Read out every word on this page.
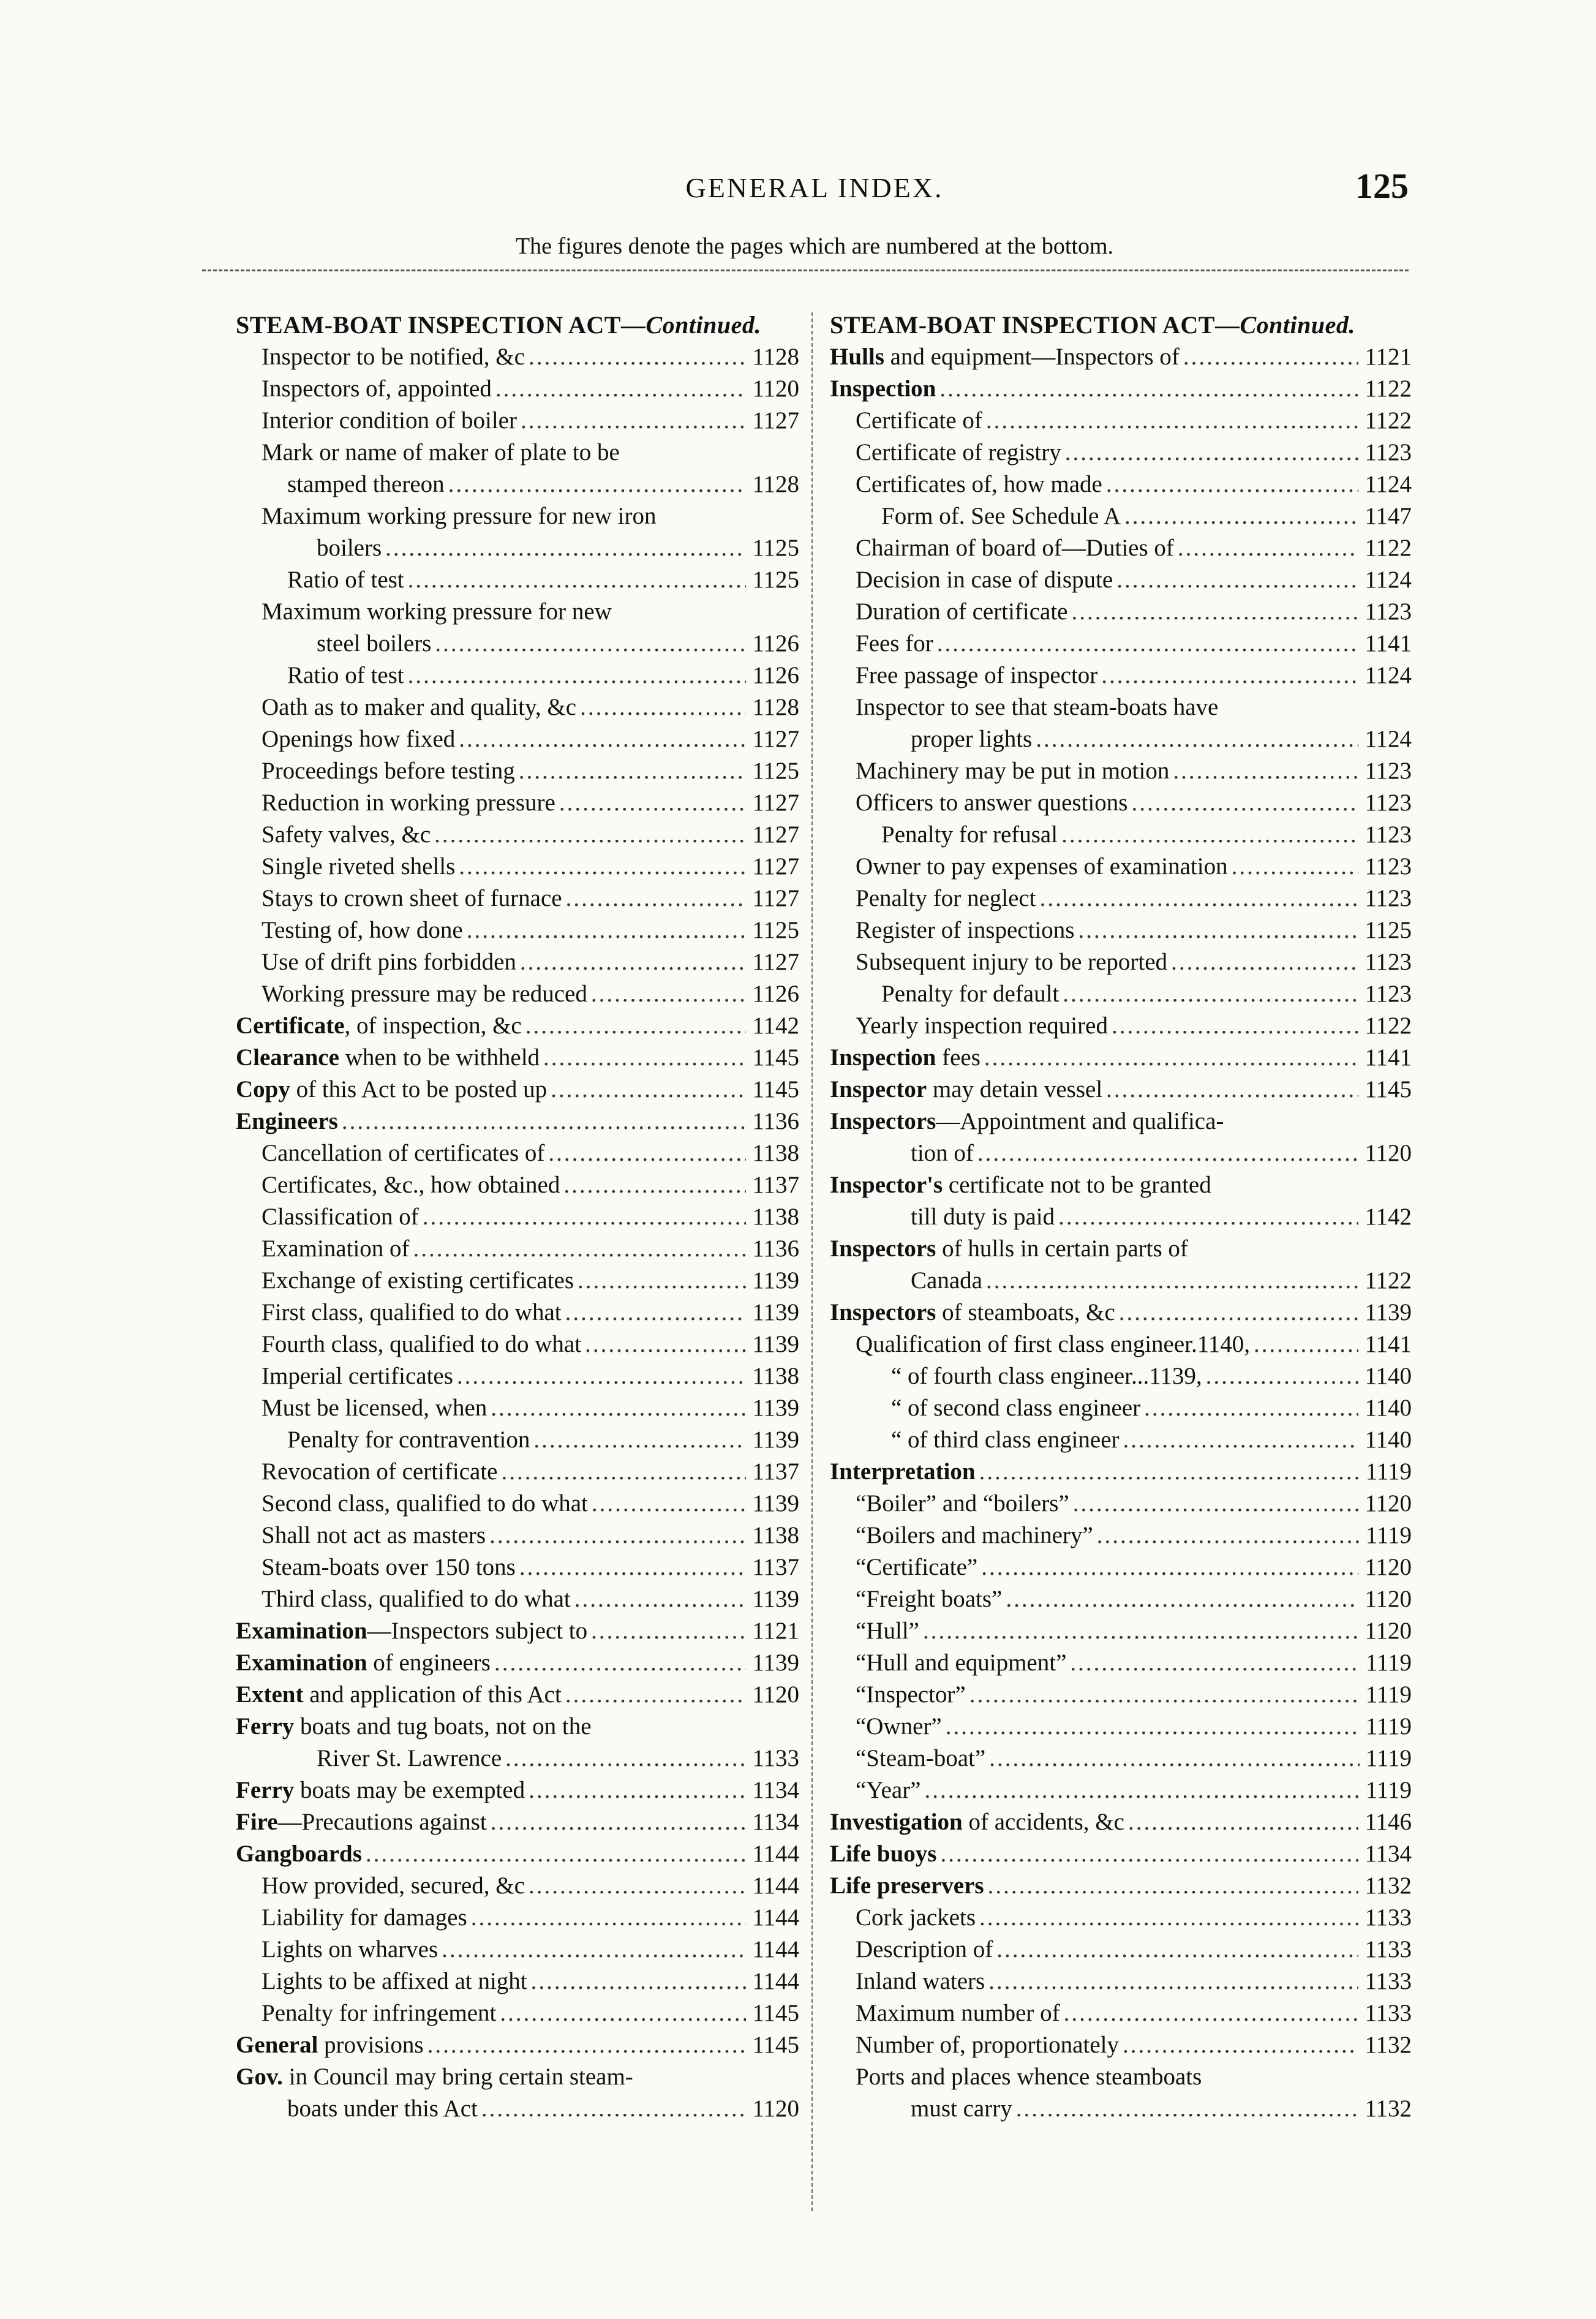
GENERAL INDEX.	125
The figures denote the pages which are numbered at the bottom.
STEAM-BOAT INSPECTION ACT—Continued.
Inspector to be notified, &c .....	1128
Inspectors of, appointed .....	1120
Interior condition of boiler .....	1127
Mark or name of maker of plate to be
stamped thereon .....	1128
Maximum working pressure for new iron
boilers .....	1125
Ratio of test .....	1125
Maximum working pressure for new
steel boilers .....	1126
Ratio of test .....	1126
Oath as to maker and quality, &c .....	1128
Openings how fixed .....	1127
Proceedings before testing .....	1125
Reduction in working pressure .....	1127
Safety valves, &c .....	1127
Single riveted shells .....	1127
Stays to crown sheet of furnace .....	1127
Testing of, how done .....	1125
Use of drift pins forbidden .....	1127
Working pressure may be reduced .....	1126
Certificate, of inspection, &c .....	1142
Clearance when to be withheld .....	1145
Copy of this Act to be posted up .....	1145
Engineers .....	1136
Cancellation of certificates of .....	1138
Certificates, &c., how obtained .....	1137
Classification of .....	1138
Examination of .....	1136
Exchange of existing certificates .....	1139
First class, qualified to do what .....	1139
Fourth class, qualified to do what .....	1139
Imperial certificates .....	1138
Must be licensed, when .....	1139
Penalty for contravention .....	1139
Revocation of certificate .....	1137
Second class, qualified to do what .....	1139
Shall not act as masters .....	1138
Steam-boats over 150 tons .....	1137
Third class, qualified to do what .....	1139
Examination—Inspectors subject to .....	1121
Examination of engineers .....	1139
Extent and application of this Act .....	1120
Ferry boats and tug boats, not on the
River St. Lawrence .....	1133
Ferry boats may be exempted .....	1134
Fire—Precautions against .....	1134
Gangboards .....	1144
How provided, secured, &c .....	1144
Liability for damages .....	1144
Lights on wharves .....	1144
Lights to be affixed at night .....	1144
Penalty for infringement .....	1145
General provisions .....	1145
Gov. in Council may bring certain steam-
boats under this Act .....	1120
STEAM-BOAT INSPECTION ACT—Continued.
Hulls and equipment—Inspectors of .....	1121
Inspection .....	1122
Certificate of .....	1122
Certificate of registry .....	1123
Certificates of, how made .....	1124
Form of. See Schedule A .....	1147
Chairman of board of—Duties of .....	1122
Decision in case of dispute .....	1124
Duration of certificate .....	1123
Fees for .....	1141
Free passage of inspector .....	1124
Inspector to see that steam-boats have
proper lights .....	1124
Machinery may be put in motion .....	1123
Officers to answer questions .....	1123
Penalty for refusal .....	1123
Owner to pay expenses of examination .....	1123
Penalty for neglect .....	1123
Register of inspections .....	1125
Subsequent injury to be reported .....	1123
Penalty for default .....	1123
Yearly inspection required .....	1122
Inspection fees .....	1141
Inspector may detain vessel .....	1145
Inspectors—Appointment and qualifica-
tion of .....	1120
Inspector's certificate not to be granted
till duty is paid .....	1142
Inspectors of hulls in certain parts of
Canada .....	1122
Inspectors of steamboats, &c .....	1139
Qualification of first class engineer.1140, .....	1141
“ of fourth class engineer...1139, .....	1140
“ of second class engineer .....	1140
“ of third class engineer .....	1140
Interpretation .....	1119
“Boiler” and “boilers” .....	1120
“Boilers and machinery” .....	1119
“Certificate” .....	1120
“Freight boats” .....	1120
“Hull” .....	1120
“Hull and equipment” .....	1119
“Inspector” .....	1119
“Owner” .....	1119
“Steam-boat” .....	1119
“Year” .....	1119
Investigation of accidents, &c .....	1146
Life buoys .....	1134
Life preservers .....	1132
Cork jackets .....	1133
Description of .....	1133
Inland waters .....	1133
Maximum number of .....	1133
Number of, proportionately .....	1132
Ports and places whence steamboats
must carry .....	1132
